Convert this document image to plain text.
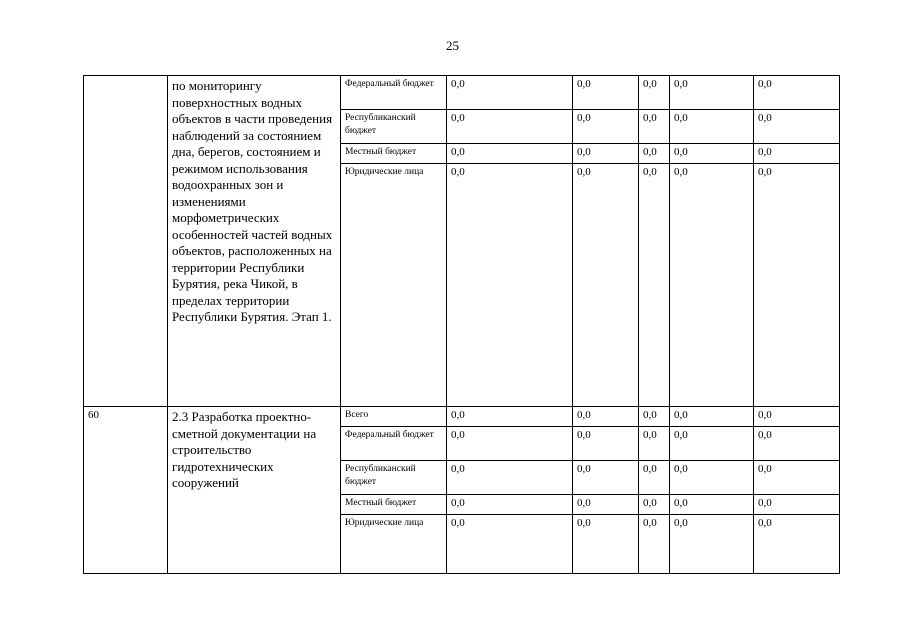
25
	по мониторингу поверхностных водных объектов в части проведения наблюдений за состоянием дна, берегов, состоянием и режимом использования водоохранных зон и изменениями морфометрических особенностей частей водных объектов, расположенных на территории Республики Бурятия, река Чикой, в пределах территории Республики Бурятия. Этап 1.	Федеральный бюджет	0,0	0,0	0,0	0,0	0,0
		Республиканский бюджет	0,0	0,0	0,0	0,0	0,0
		Местный бюджет	0,0	0,0	0,0	0,0	0,0
		Юридические лица	0,0	0,0	0,0	0,0	0,0
60	2.3 Разработка проектно-сметной документации на строительство гидротехнических сооружений	Всего	0,0	0,0	0,0	0,0	0,0
		Федеральный бюджет	0,0	0,0	0,0	0,0	0,0
		Республиканский бюджет	0,0	0,0	0,0	0,0	0,0
		Местный бюджет	0,0	0,0	0,0	0,0	0,0
		Юридические лица	0,0	0,0	0,0	0,0	0,0
